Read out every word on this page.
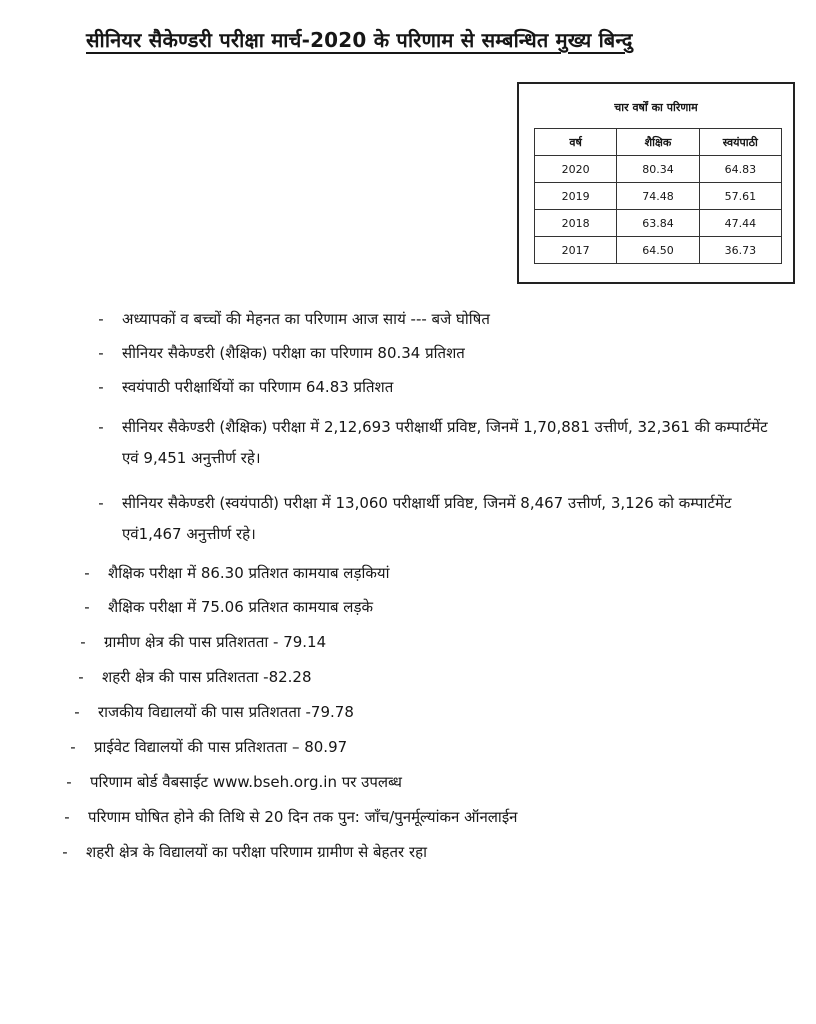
सीनियर सैकेण्डरी परीक्षा मार्च-2020 के परिणाम से सम्बन्धित मुख्य बिन्दु
चार वर्षों का परिणाम
वर्ष	शैक्षिक	स्वयंपाठी
2020	80.34	64.83
2019	74.48	57.61
2018	63.84	47.44
2017	64.50	36.73
-	अध्यापकों व बच्चों की मेहनत का परिणाम आज सायं --- बजे घोषित
-	सीनियर सैकेण्डरी (शैक्षिक) परीक्षा का परिणाम 80.34 प्रतिशत
-	स्वयंपाठी परीक्षार्थियों का परिणाम 64.83 प्रतिशत
-	सीनियर सैकेण्डरी (शैक्षिक) परीक्षा में 2,12,693 परीक्षार्थी प्रविष्ट, जिनमें 1,70,881 उत्तीर्ण, 32,361 की कम्पार्टमेंट एवं 9,451 अनुत्तीर्ण रहे।
-	सीनियर सैकेण्डरी (स्वयंपाठी) परीक्षा में 13,060 परीक्षार्थी प्रविष्ट, जिनमें 8,467 उत्तीर्ण, 3,126 को कम्पार्टमेंट एवं1,467 अनुत्तीर्ण रहे।
-	शैक्षिक परीक्षा में 86.30 प्रतिशत कामयाब लड़कियां
-	शैक्षिक परीक्षा में 75.06 प्रतिशत कामयाब लड़के
-	ग्रामीण क्षेत्र की पास प्रतिशतता - 79.14
-	शहरी क्षेत्र की पास प्रतिशतता -82.28
-	राजकीय विद्यालयों की पास प्रतिशतता -79.78
-	प्राईवेट विद्यालयों की पास प्रतिशतता – 80.97
-	परिणाम बोर्ड वैबसाईट www.bseh.org.in पर उपलब्ध
-	परिणाम घोषित होने की तिथि से 20 दिन तक पुन: जाँच/पुनर्मूल्यांकन ऑनलाईन
-	शहरी क्षेत्र के विद्यालयों का परीक्षा परिणाम ग्रामीण से बेहतर रहा
